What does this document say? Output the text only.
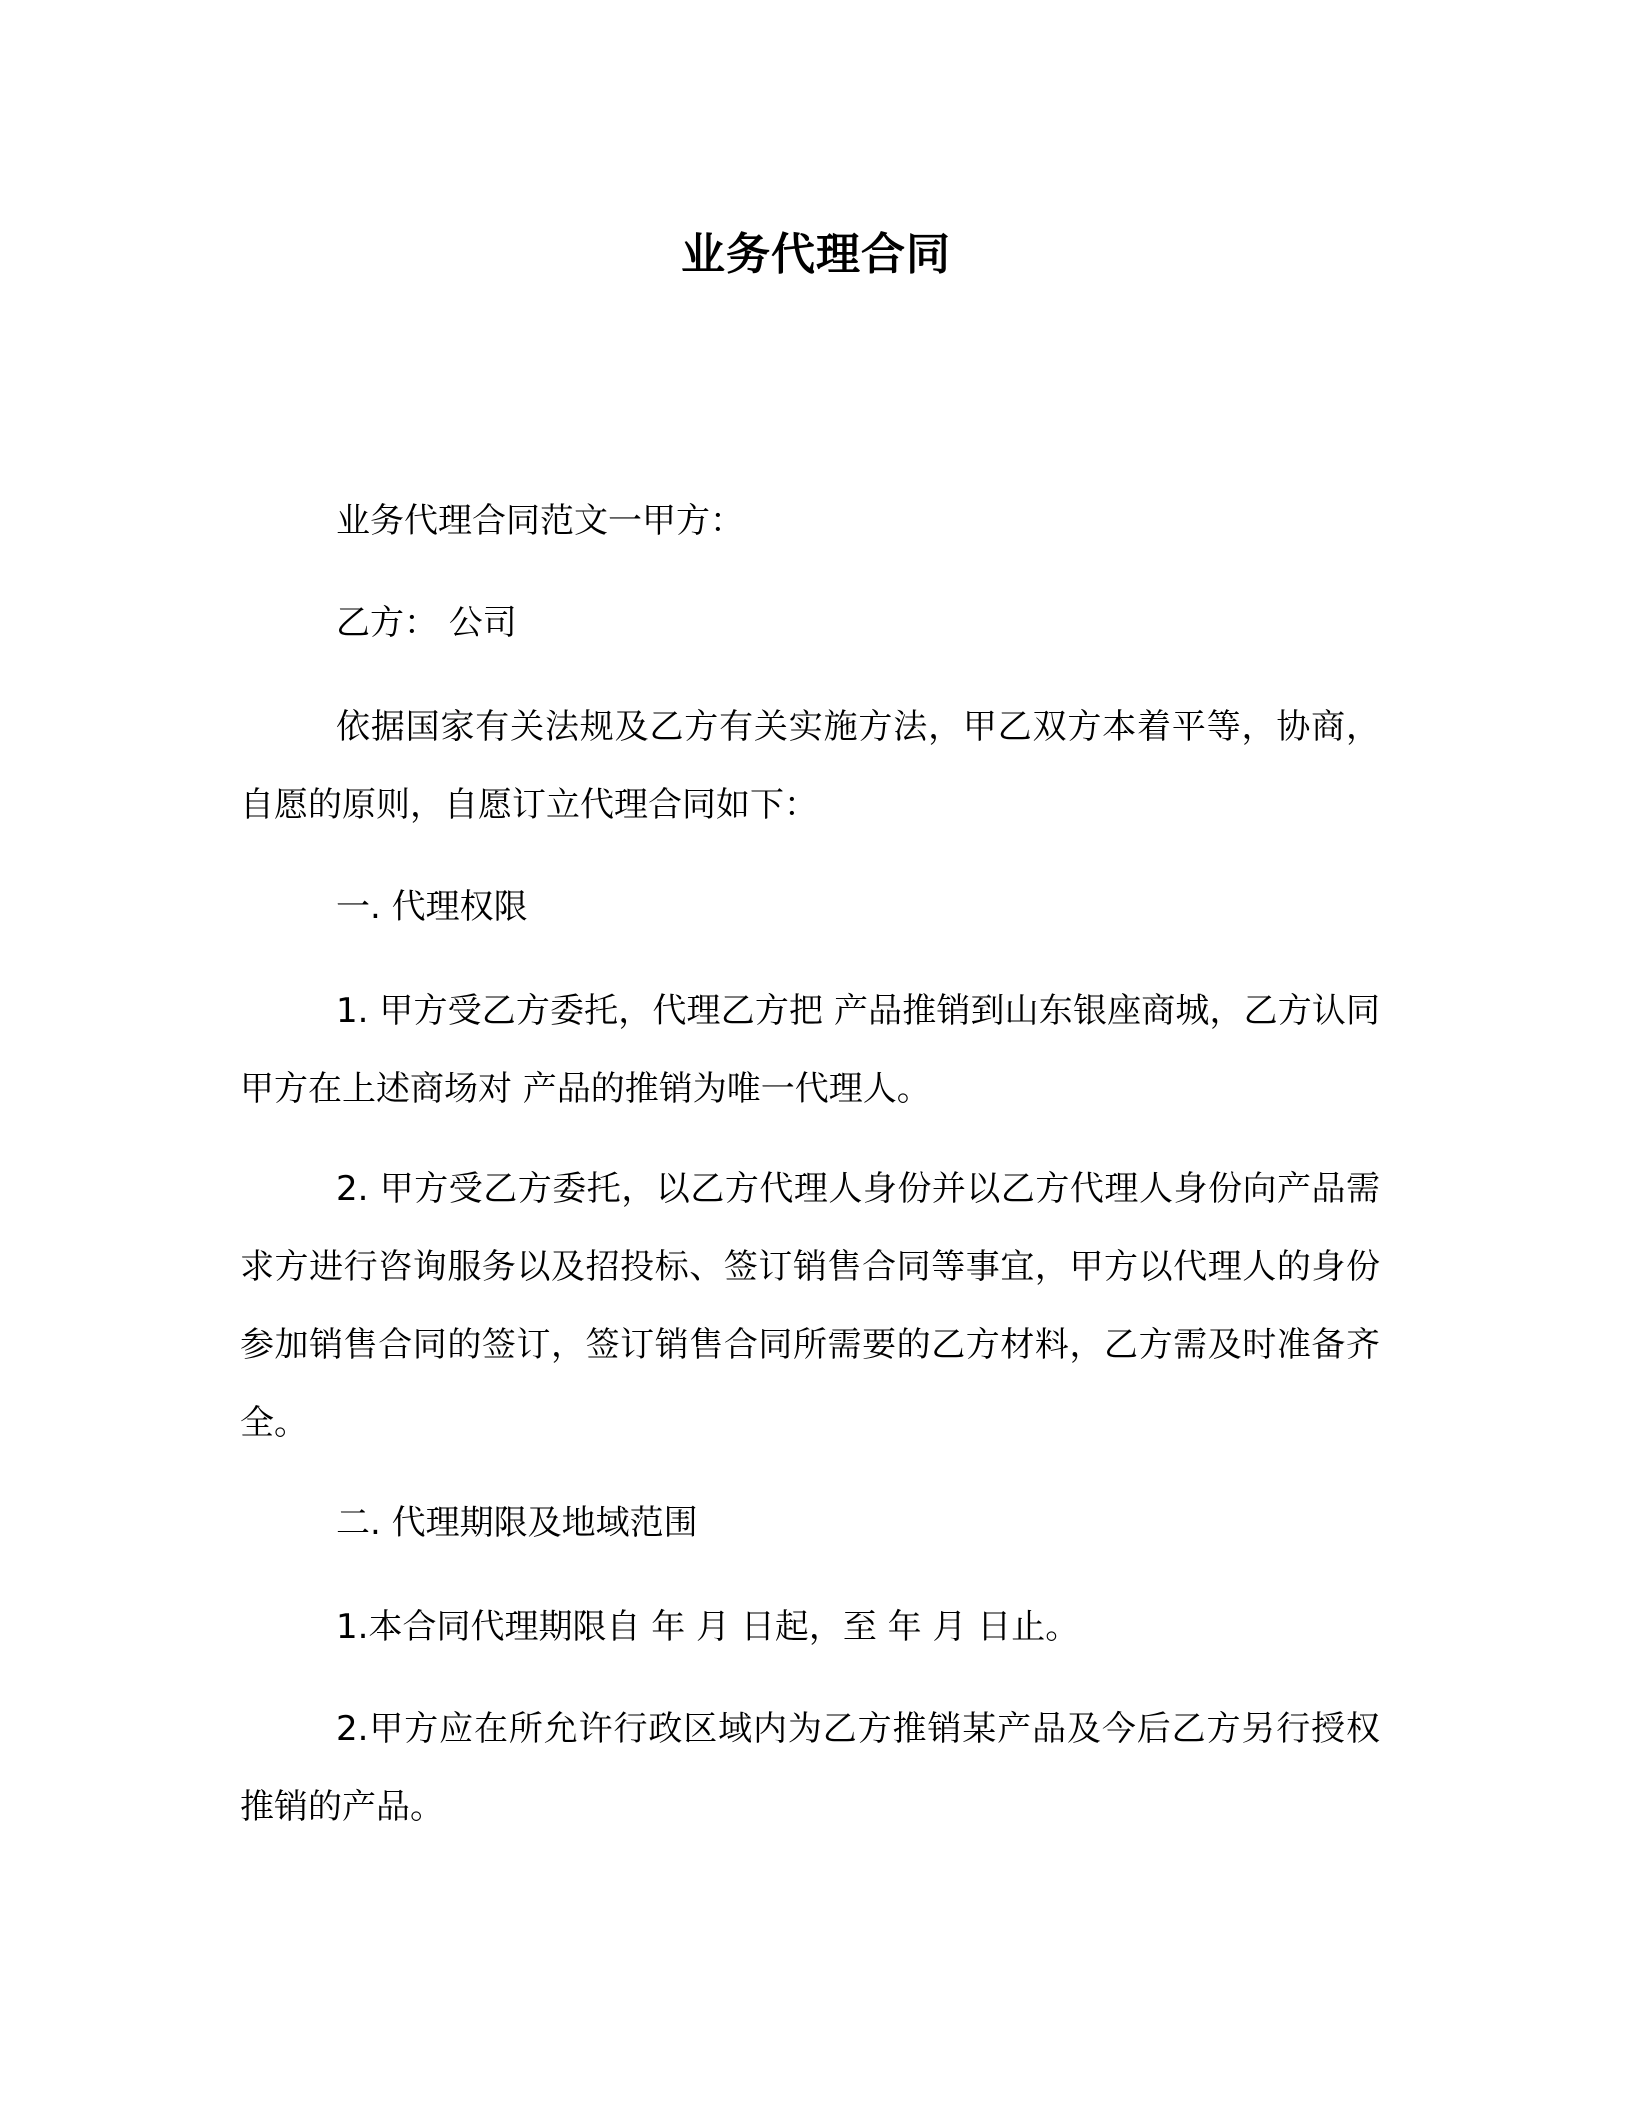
业务代理合同
业务代理合同范文一甲方：
乙方： 公司
依据国家有关法规及乙方有关实施方法，甲乙双方本着平等，协商，自愿的原则，自愿订立代理合同如下：
一. 代理权限
1. 甲方受乙方委托，代理乙方把 产品推销到山东银座商城，乙方认同甲方在上述商场对 产品的推销为唯一代理人。
2. 甲方受乙方委托，以乙方代理人身份并以乙方代理人身份向产品需求方进行咨询服务以及招投标、签订销售合同等事宜，甲方以代理人的身份参加销售合同的签订，签订销售合同所需要的乙方材料，乙方需及时准备齐全。
二. 代理期限及地域范围
1.本合同代理期限自 年 月 日起，至 年 月 日止。
2.甲方应在所允许行政区域内为乙方推销某产品及今后乙方另行授权推销的产品。
